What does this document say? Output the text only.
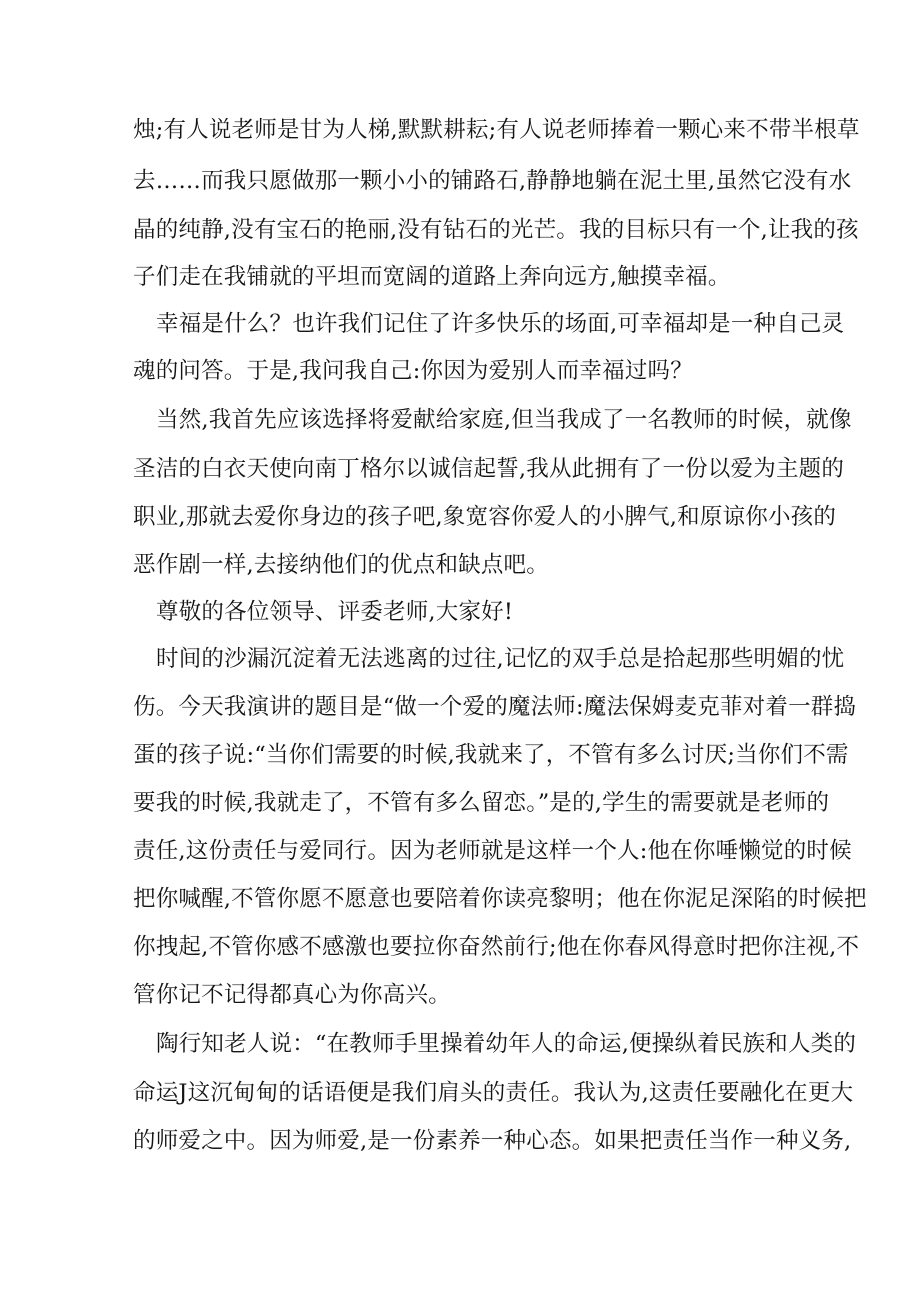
烛;有人说老师是甘为人梯,默默耕耘;有人说老师捧着一颗心来不带半根草
去……而我只愿做那一颗小小的铺路石,静静地躺在泥土里,虽然它没有水
晶的纯静,没有宝石的艳丽,没有钻石的光芒。我的目标只有一个,让我的孩
子们走在我铺就的平坦而宽阔的道路上奔向远方,触摸幸福。
幸福是什么？也许我们记住了许多快乐的场面,可幸福却是一种自己灵
魂的问答。于是,我问我自己:你因为爱别人而幸福过吗？
当然,我首先应该选择将爱献给家庭,但当我成了一名教师的时候，就像
圣洁的白衣天使向南丁格尔以诚信起誓,我从此拥有了一份以爱为主题的
职业,那就去爱你身边的孩子吧,象宽容你爱人的小脾气,和原谅你小孩的
恶作剧一样,去接纳他们的优点和缺点吧。
尊敬的各位领导、评委老师,大家好!
时间的沙漏沉淀着无法逃离的过往,记忆的双手总是拾起那些明媚的忧
伤。今天我演讲的题目是“做一个爱的魔法师:魔法保姆麦克菲对着一群捣
蛋的孩子说:“当你们需要的时候,我就来了，不管有多么讨厌;当你们不需
要我的时候,我就走了，不管有多么留恋。”是的,学生的需要就是老师的
责任,这份责任与爱同行。因为老师就是这样一个人:他在你唾懒觉的时候
把你喊醒,不管你愿不愿意也要陪着你读亮黎明；他在你泥足深陷的时候把
你拽起,不管你感不感激也要拉你奋然前行;他在你春风得意时把你注视,不
管你记不记得都真心为你高兴。
陶行知老人说：“在教师手里操着幼年人的命运,便操纵着民族和人类的
命运J这沉甸甸的话语便是我们肩头的责任。我认为,这责任要融化在更大
的师爱之中。因为师爱,是一份素养一种心态。如果把责任当作一种义务,
